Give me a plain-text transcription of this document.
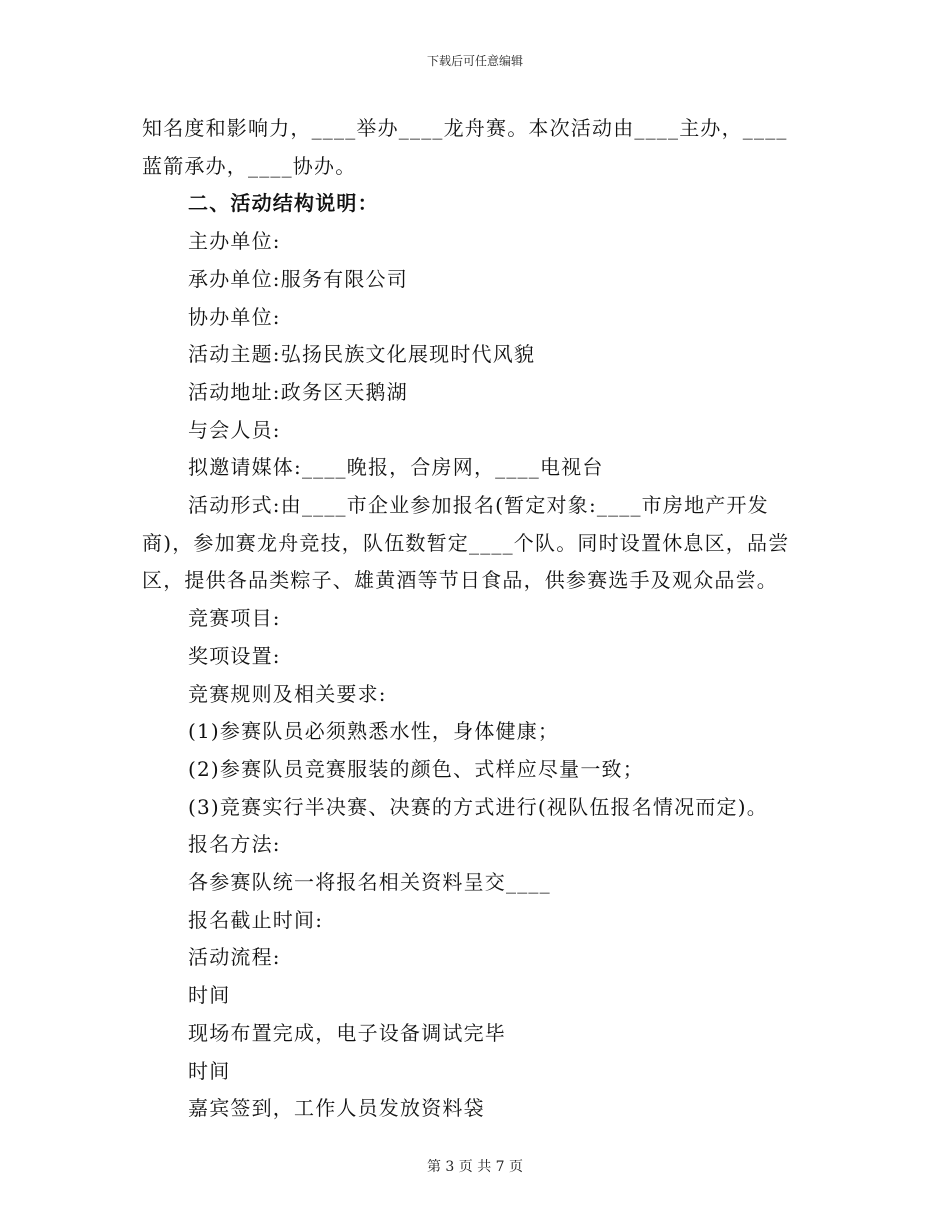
下载后可任意编辑

知名度和影响力，____举办____龙舟赛。本次活动由____主办，____蓝箭承办，____协办。

二、活动结构说明：

主办单位:

承办单位:服务有限公司

协办单位:

活动主题:弘扬民族文化展现时代风貌

活动地址:政务区天鹅湖

与会人员:

拟邀请媒体:____晚报，合房网，____电视台

活动形式:由____市企业参加报名(暂定对象:____市房地产开发商)，参加赛龙舟竞技，队伍数暂定____个队。同时设置休息区，品尝区，提供各品类粽子、雄黄酒等节日食品，供参赛选手及观众品尝。

竞赛项目:

奖项设置:

竞赛规则及相关要求:

(1)参赛队员必须熟悉水性，身体健康；

(2)参赛队员竞赛服装的颜色、式样应尽量一致；

(3)竞赛实行半决赛、决赛的方式进行(视队伍报名情况而定)。

报名方法:

各参赛队统一将报名相关资料呈交____

报名截止时间:

活动流程:

时间

现场布置完成，电子设备调试完毕

时间

嘉宾签到，工作人员发放资料袋

第 3 页 共 7 页
